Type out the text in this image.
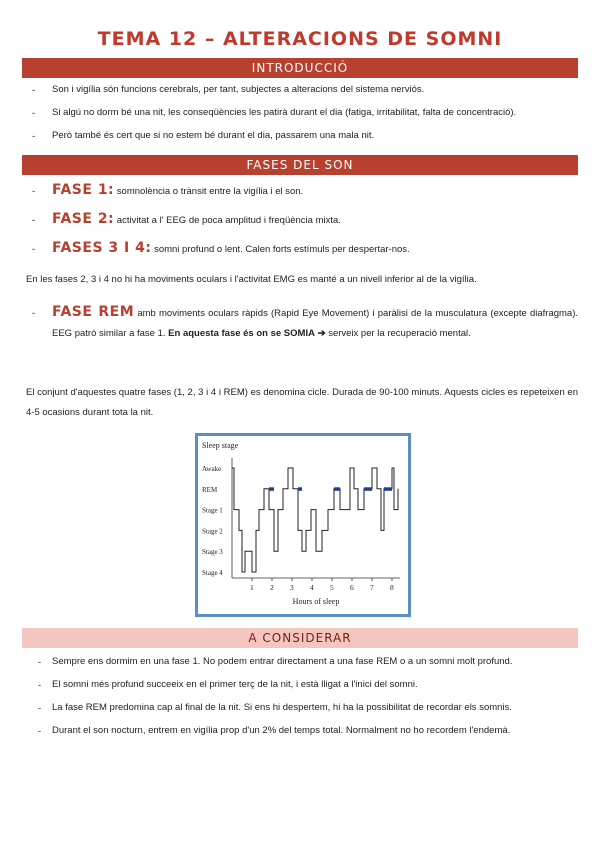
TEMA 12 – ALTERACIONS DE SOMNI
INTRODUCCIÓ
- Son i vigília són funcions cerebrals, per tant, subjectes a alteracions del sistema nerviós.
- Si algú no dorm bé una nit, les conseqüències les patirà durant el dia (fatiga, irritabilitat, falta de concentració).
- Però també és cert que si no estem bé durant el dia, passarem una mala nit.
FASES DEL SON
- FASE 1: somnolència o trànsit entre la vigília i el son.
- FASE 2: activitat a l' EEG de poca amplitud i freqüència mixta.
- FASES 3 I 4: somni profund o lent. Calen forts estímuls per despertar-nos.
En les fases 2, 3 i 4 no hi ha moviments oculars i l'activitat EMG es manté a un nivell inferior al de la vigília.
- FASE REM amb moviments oculars ràpids (Rapid Eye Movement) i paràlisi de la musculatura (excepte diafragma). EEG patró similar a fase 1. En aquesta fase és on se SOMIA ➔ serveix per la recuperació mental.
El conjunt d'aquestes quatre fases (1, 2, 3 i 4 i REM) es denomina cicle. Durada de 90-100 minuts. Aquests cicles es repeteixen en 4-5 ocasions durant tota la nit.
Sleep stage
Awake
REM
Stage 1
Stage 2
Stage 3
Stage 4
1 2 3 4 5 6 7 8
Hours of sleep
A CONSIDERAR
- Sempre ens dormim en una fase 1. No podem entrar directament a una fase REM o a un somni molt profund.
- El somni més profund succeeix en el primer terç de la nit, i està lligat a l'inici del somni.
- La fase REM predomina cap al final de la nit. Si ens hi despertem, hi ha la possibilitat de recordar els somnis.
- Durant el son nocturn, entrem en vigília prop d'un 2% del temps total. Normalment no ho recordem l'endemà.
